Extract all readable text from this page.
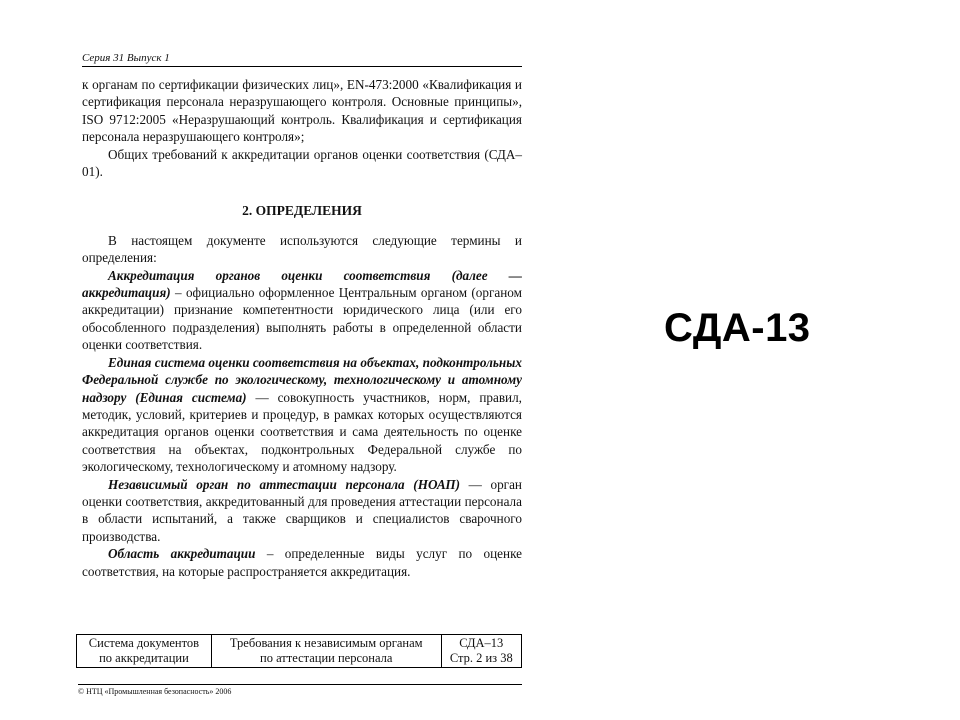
Серия 31 Выпуск 1

к органам по сертификации физических лиц», EN-473:2000 «Квалификация и сертификация персонала неразрушающего контроля. Основные принципы», ISO 9712:2005 «Неразрушающий контроль. Квалификация и сертификация персонала неразрушающего контроля»;

Общих требований к аккредитации органов оценки соответствия (СДА–01).

2. ОПРЕДЕЛЕНИЯ

В настоящем документе используются следующие термины и определения:

Аккредитация органов оценки соответствия (далее — аккредитация) – официально оформленное Центральным органом (органом аккредитации) признание компетентности юридического лица (или его обособленного подразделения) выполнять работы в определенной области оценки соответствия.

Единая система оценки соответствия на объектах, подконтрольных Федеральной службе по экологическому, технологическому и атомному надзору (Единая система) — совокупность участников, норм, правил, методик, условий, критериев и процедур, в рамках которых осуществляются аккредитация органов оценки соответствия и сама деятельность по оценке соответствия на объектах, подконтрольных Федеральной службе по экологическому, технологическому и атомному надзору.

Независимый орган по аттестации персонала (НОАП) — орган оценки соответствия, аккредитованный для проведения аттестации персонала в области испытаний, а также сварщиков и специалистов сварочного производства.

Область аккредитации – определенные виды услуг по оценке соответствия, на которые распространяется аккредитация.

Система документов
по аккредитации

Требования к независимым органам
по аттестации персонала

СДА–13
Стр. 2 из 38
© НТЦ «Промышленная безопасность» 2006
СДА-13
